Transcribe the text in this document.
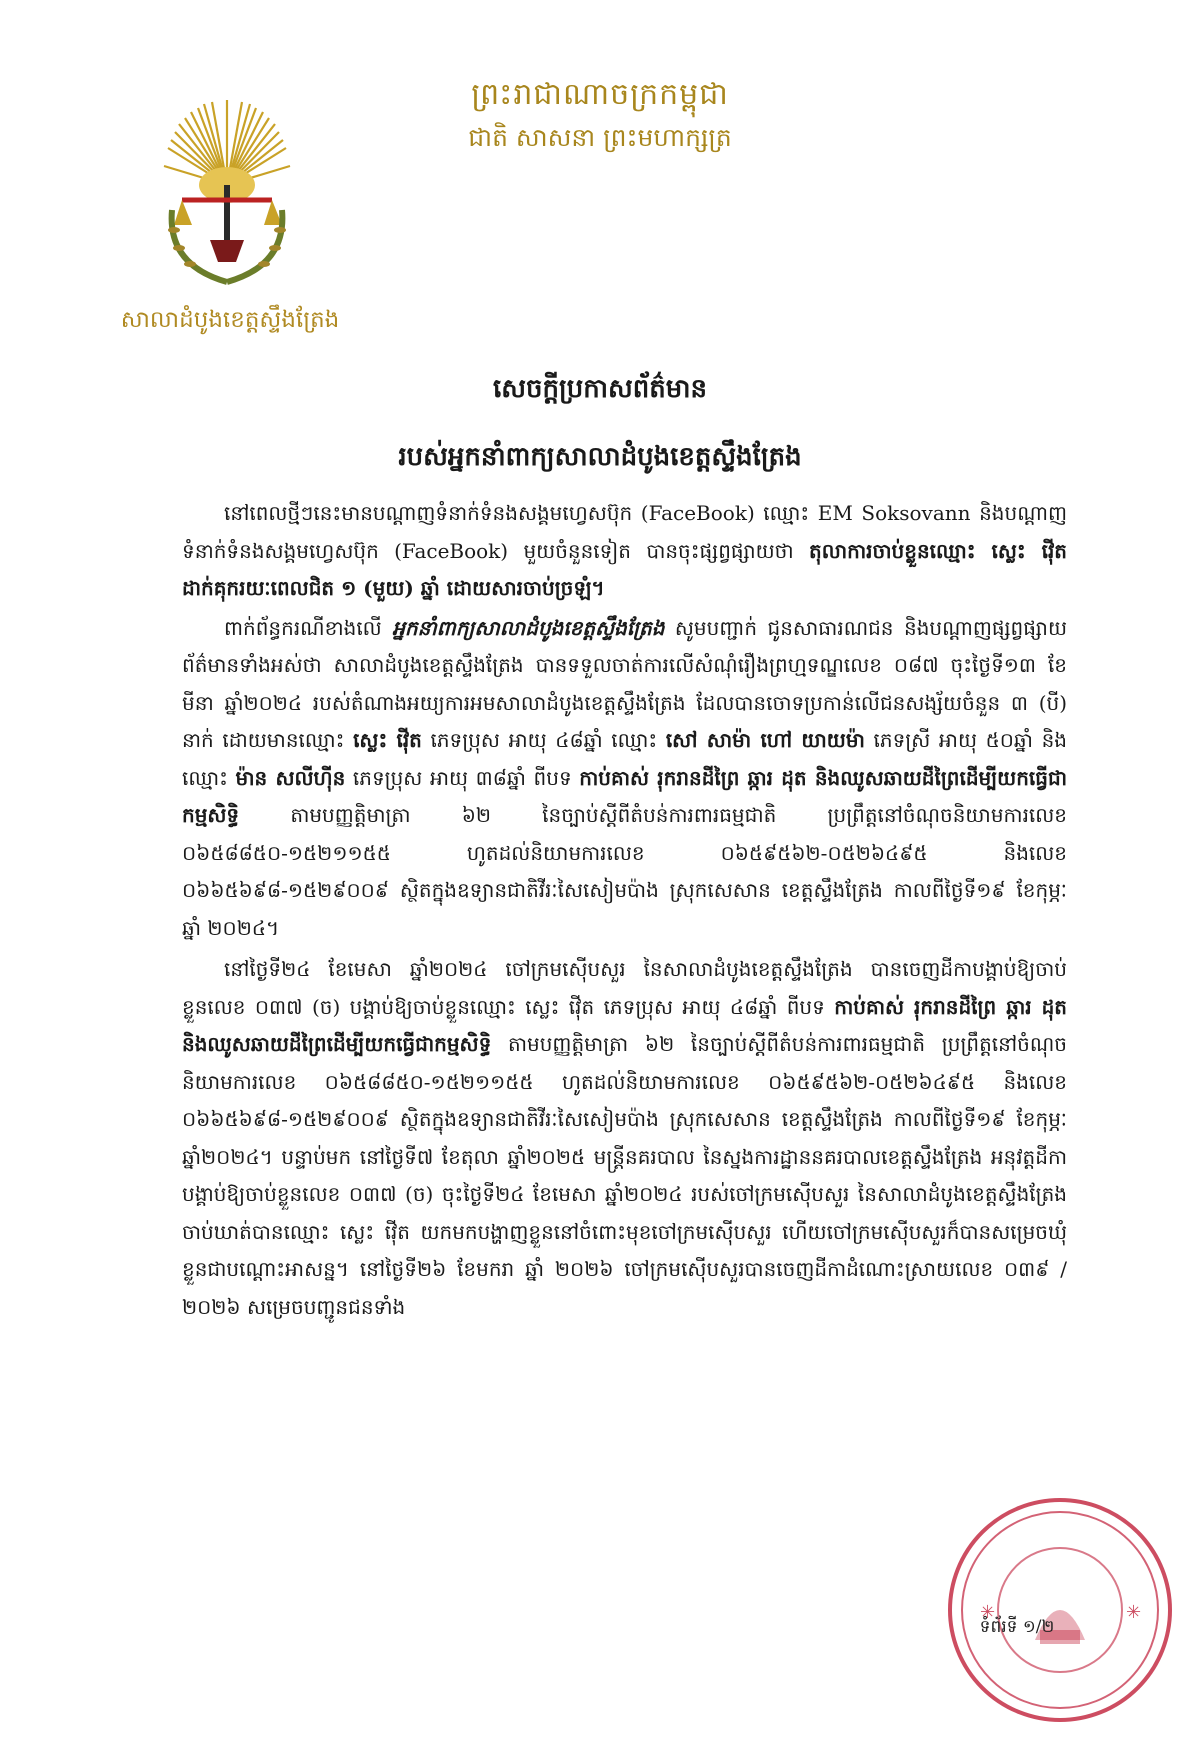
ព្រះរាជាណាចក្រកម្ពុជា
ជាតិ សាសនា ព្រះមហាក្សត្រ
សាលាដំបូងខេត្តស្ទឹងត្រែង
សេចក្តីប្រកាសព័ត៌មាន
របស់អ្នកនាំពាក្យសាលាដំបូងខេត្តស្ទឹងត្រែង

នៅពេលថ្មីៗនេះមានបណ្តាញទំនាក់ទំនងសង្គមហ្វេសប៊ុក (FaceBook) ឈ្មោះ EM Soksovann និងបណ្តាញទំនាក់ទំនងសង្គមហ្វេសប៊ុក (FaceBook) មួយចំនួនទៀត បានចុះផ្សព្វផ្សាយថា តុលាការចាប់ខ្លួនឈ្មោះ ស្លេះ វ៉ើត ដាក់គុករយៈពេលជិត ១ (មួយ) ឆ្នាំ ដោយសារចាប់ច្រឡំ។

ពាក់ព័ន្ធករណីខាងលើ អ្នកនាំពាក្យសាលាដំបូងខេត្តស្ទឹងត្រែង សូមបញ្ជាក់ ជូនសាធារណជន និងបណ្តាញផ្សព្វផ្សាយព័ត៌មានទាំងអស់ថា សាលាដំបូងខេត្តស្ទឹងត្រែង បានទទួលចាត់ការលើសំណុំរឿងព្រហ្មទណ្ឌលេខ ០៨៧ ចុះថ្ងៃទី១៣ ខែមីនា ឆ្នាំ២០២៤ របស់តំណាងអយ្យការអមសាលាដំបូងខេត្តស្ទឹងត្រែង ដែលបានចោទប្រកាន់លើជនសង្ស័យចំនួន ៣ (បី) នាក់ ដោយមានឈ្មោះ ស្លេះ វ៉ើត ភេទប្រុស អាយុ ៤៨ឆ្នាំ ឈ្មោះ សៅ សាម៉ា ហៅ យាយម៉ា ភេទស្រី អាយុ ៥០ឆ្នាំ និងឈ្មោះ ម៉ាន សលីហ៊ីន ភេទប្រុស អាយុ ៣៨ឆ្នាំ ពីបទ កាប់គាស់ រុករានដីព្រៃ ឆ្ការ ដុត និងឈូសឆាយដីព្រៃដើម្បីយកធ្វើជាកម្មសិទ្ធិ តាមបញ្ញត្តិមាត្រា ៦២ នៃច្បាប់ស្តីពីតំបន់ការពារធម្មជាតិ ប្រព្រឹត្តនៅចំណុចនិយាមការលេខ ០៦៥៨៨៥០-១៥២១១៥៥ ហូតដល់និយាមការលេខ ០៦៥៩៥៦២-០៥២៦៤៩៥ និងលេខ ០៦៦៥៦៩៨-១៥២៩០០៩ ស្ថិតក្នុងឧទ្យានជាតិវីរៈសៃសៀមប៉ាង ស្រុកសេសាន ខេត្តស្ទឹងត្រែង កាលពីថ្ងៃទី១៩ ខែកុម្ភៈ ឆ្នាំ ២០២៤។

នៅថ្ងៃទី២៤ ខែមេសា ឆ្នាំ២០២៤ ចៅក្រមស៊ើបសួរ នៃសាលាដំបូងខេត្តស្ទឹងត្រែង បានចេញដីកាបង្គាប់ឱ្យចាប់ខ្លួនលេខ ០៣៧ (ច) បង្គាប់ឱ្យចាប់ខ្លួនឈ្មោះ ស្លេះ វ៉ើត ភេទប្រុស អាយុ ៤៨ឆ្នាំ ពីបទ កាប់គាស់ រុករានដីព្រៃ ឆ្ការ ដុត និងឈូសឆាយដីព្រៃដើម្បីយកធ្វើជាកម្មសិទ្ធិ តាមបញ្ញត្តិមាត្រា ៦២ នៃច្បាប់ស្តីពីតំបន់ការពារធម្មជាតិ ប្រព្រឹត្តនៅចំណុចនិយាមការលេខ ០៦៥៨៨៥០-១៥២១១៥៥ ហូតដល់និយាមការលេខ ០៦៥៩៥៦២-០៥២៦៤៩៥ និងលេខ ០៦៦៥៦៩៨-១៥២៩០០៩ ស្ថិតក្នុងឧទ្យានជាតិវីរៈសៃសៀមប៉ាង ស្រុកសេសាន ខេត្តស្ទឹងត្រែង កាលពីថ្ងៃទី១៩ ខែកុម្ភៈ ឆ្នាំ២០២៤។ បន្ទាប់មក នៅថ្ងៃទី៧ ខែតុលា ឆ្នាំ២០២៥ មន្ត្រីនគរបាល នៃស្នងការដ្ឋាននគរបាលខេត្តស្ទឹងត្រែង អនុវត្តដីកាបង្គាប់ឱ្យចាប់ខ្លួនលេខ ០៣៧ (ច) ចុះថ្ងៃទី២៤ ខែមេសា ឆ្នាំ២០២៤ របស់ចៅក្រមស៊ើបសួរ នៃសាលាដំបូងខេត្តស្ទឹងត្រែង ចាប់ឃាត់បានឈ្មោះ ស្លេះ វ៉ើត យកមកបង្ហាញខ្លួននៅចំពោះមុខចៅក្រមស៊ើបសួរ ហើយចៅក្រមស៊ើបសួរក៏បានសម្រេចឃុំខ្លួនជាបណ្តោះអាសន្ន។ នៅថ្ងៃទី២៦ ខែមករា ឆ្នាំ ២០២៦ ចៅក្រមស៊ើបសួរបានចេញដីកាដំណោះស្រាយលេខ ០៣៩ /២០២៦ សម្រេចបញ្ជូនជនទាំង

✳	✳
ទំព័រទី ១/២
